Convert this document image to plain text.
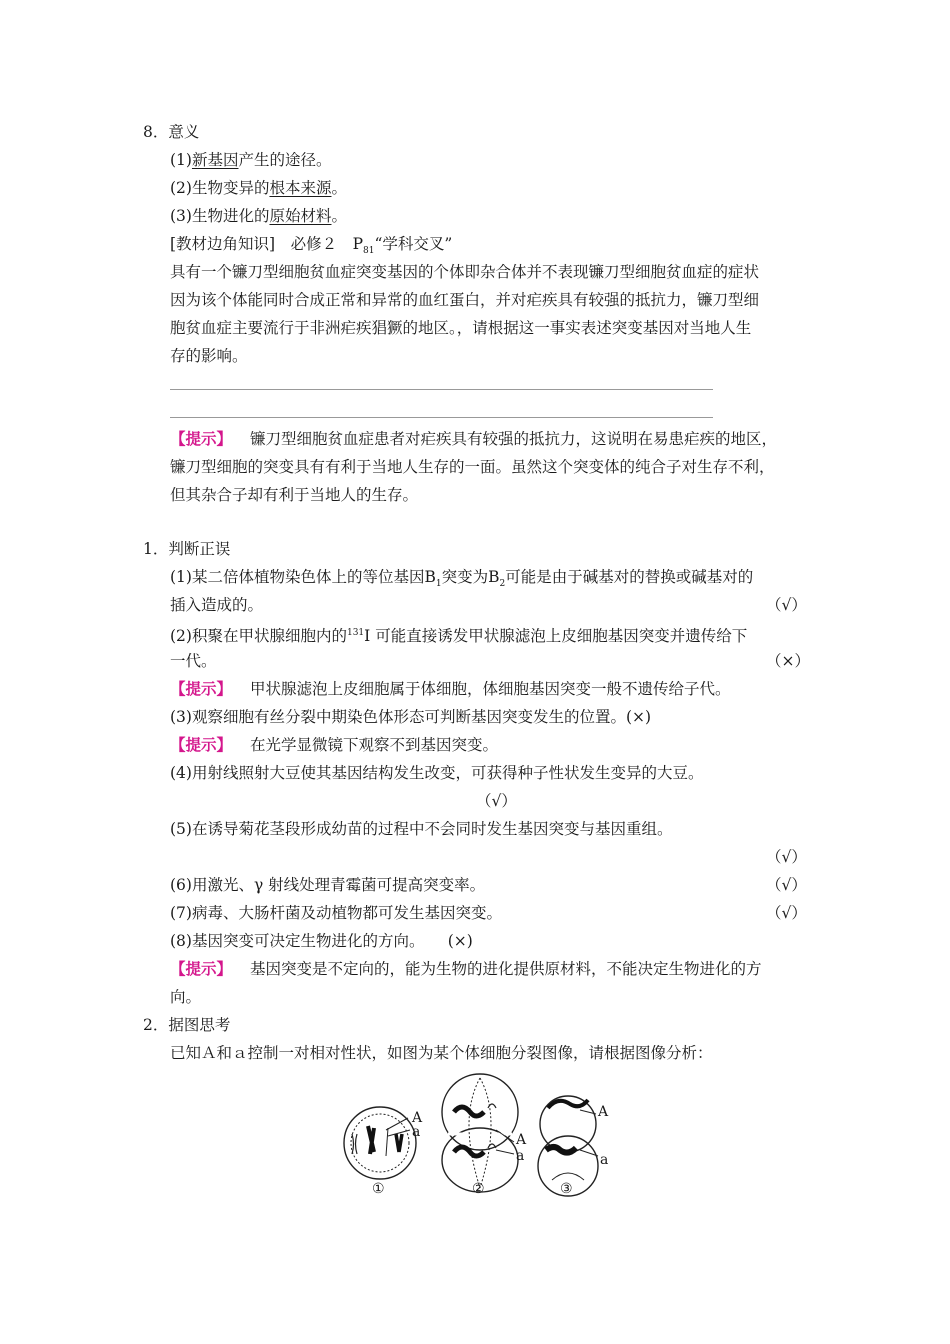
8．意义
(1)新基因产生的途径。
(2)生物变异的根本来源。
(3)生物进化的原始材料。
[教材边角知识]　必修２　$P_{81}“$学科交叉”
具有一个镰刀型细胞贫血症突变基因的个体即杂合体并不表现镰刀型细胞贫血症的症状
因为该个体能同时合成正常和异常的血红蛋白，并对疟疾具有较强的抵抗力，镰刀型细
胞贫血症主要流行于非洲疟疾猖獗的地区。，请根据这一事实表述突变基因对当地人生
存的影响。
【提示】 镰刀型细胞贫血症患者对疟疾具有较强的抵抗力，这说明在易患疟疾的地区，
镰刀型细胞的突变具有有利于当地人生存的一面。虽然这个突变体的纯合子对生存不利，
但其杂合子却有利于当地人的生存。
1．判断正误
(1)某二倍体植物染色体上的等位基因$B_1$突变为$B_2$可能是由于碱基对的替换或碱基对的
插入造成的。	（√）
(2)积聚在甲状腺细胞内的$^{131}$I 可能直接诱发甲状腺滤泡上皮细胞基因突变并遗传给下
一代。	（×）
【提示】 甲状腺滤泡上皮细胞属于体细胞，体细胞基因突变一般不遗传给子代。
(3)观察细胞有丝分裂中期染色体形态可判断基因突变发生的位置。(×)
【提示】 在光学显微镜下观察不到基因突变。
(4)用射线照射大豆使其基因结构发生改变，可获得种子性状发生变异的大豆。
（√）
(5)在诱导菊花茎段形成幼苗的过程中不会同时发生基因突变与基因重组。
（√）
(6)用激光、γ 射线处理青霉菌可提高突变率。	（√）
(7)病毒、大肠杆菌及动植物都可发生基因突变。	（√）
(8)基因突变可决定生物进化的方向。　　(×)
【提示】 基因突变是不定向的，能为生物的进化提供原材料，不能决定生物进化的方
向。
2．据图思考
已知Ａ和ａ控制一对相对性状，如图为某个体细胞分裂图像，请根据图像分析：
A
a	A
a
A
a
①	②	③
